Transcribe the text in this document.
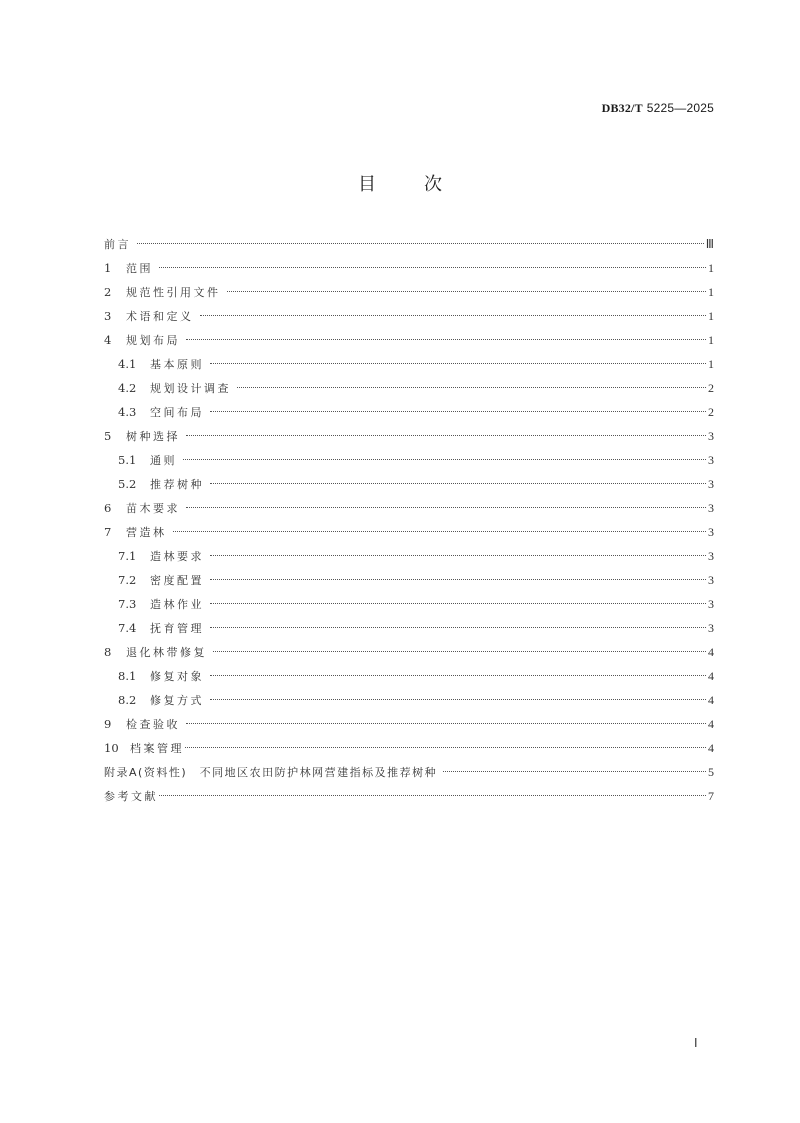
DB32/T 5225—2025
目	次
前言	Ⅲ
1	范围	1
2	规范性引用文件	1
3	术语和定义	1
4	规划布局	1
4.1	基本原则	1
4.2	规划设计调查	2
4.3	空间布局	2
5	树种选择	3
5.1	通则	3
5.2	推荐树种	3
6	苗木要求	3
7	营造林	3
7.1	造林要求	3
7.2	密度配置	3
7.3	造林作业	3
7.4	抚育管理	3
8	退化林带修复	4
8.1	修复对象	4
8.2	修复方式	4
9	检查验收	4
10	档案管理	4
附录A(资料性)　不同地区农田防护林网营建指标及推荐树种	5
参考文献	7
Ⅰ
